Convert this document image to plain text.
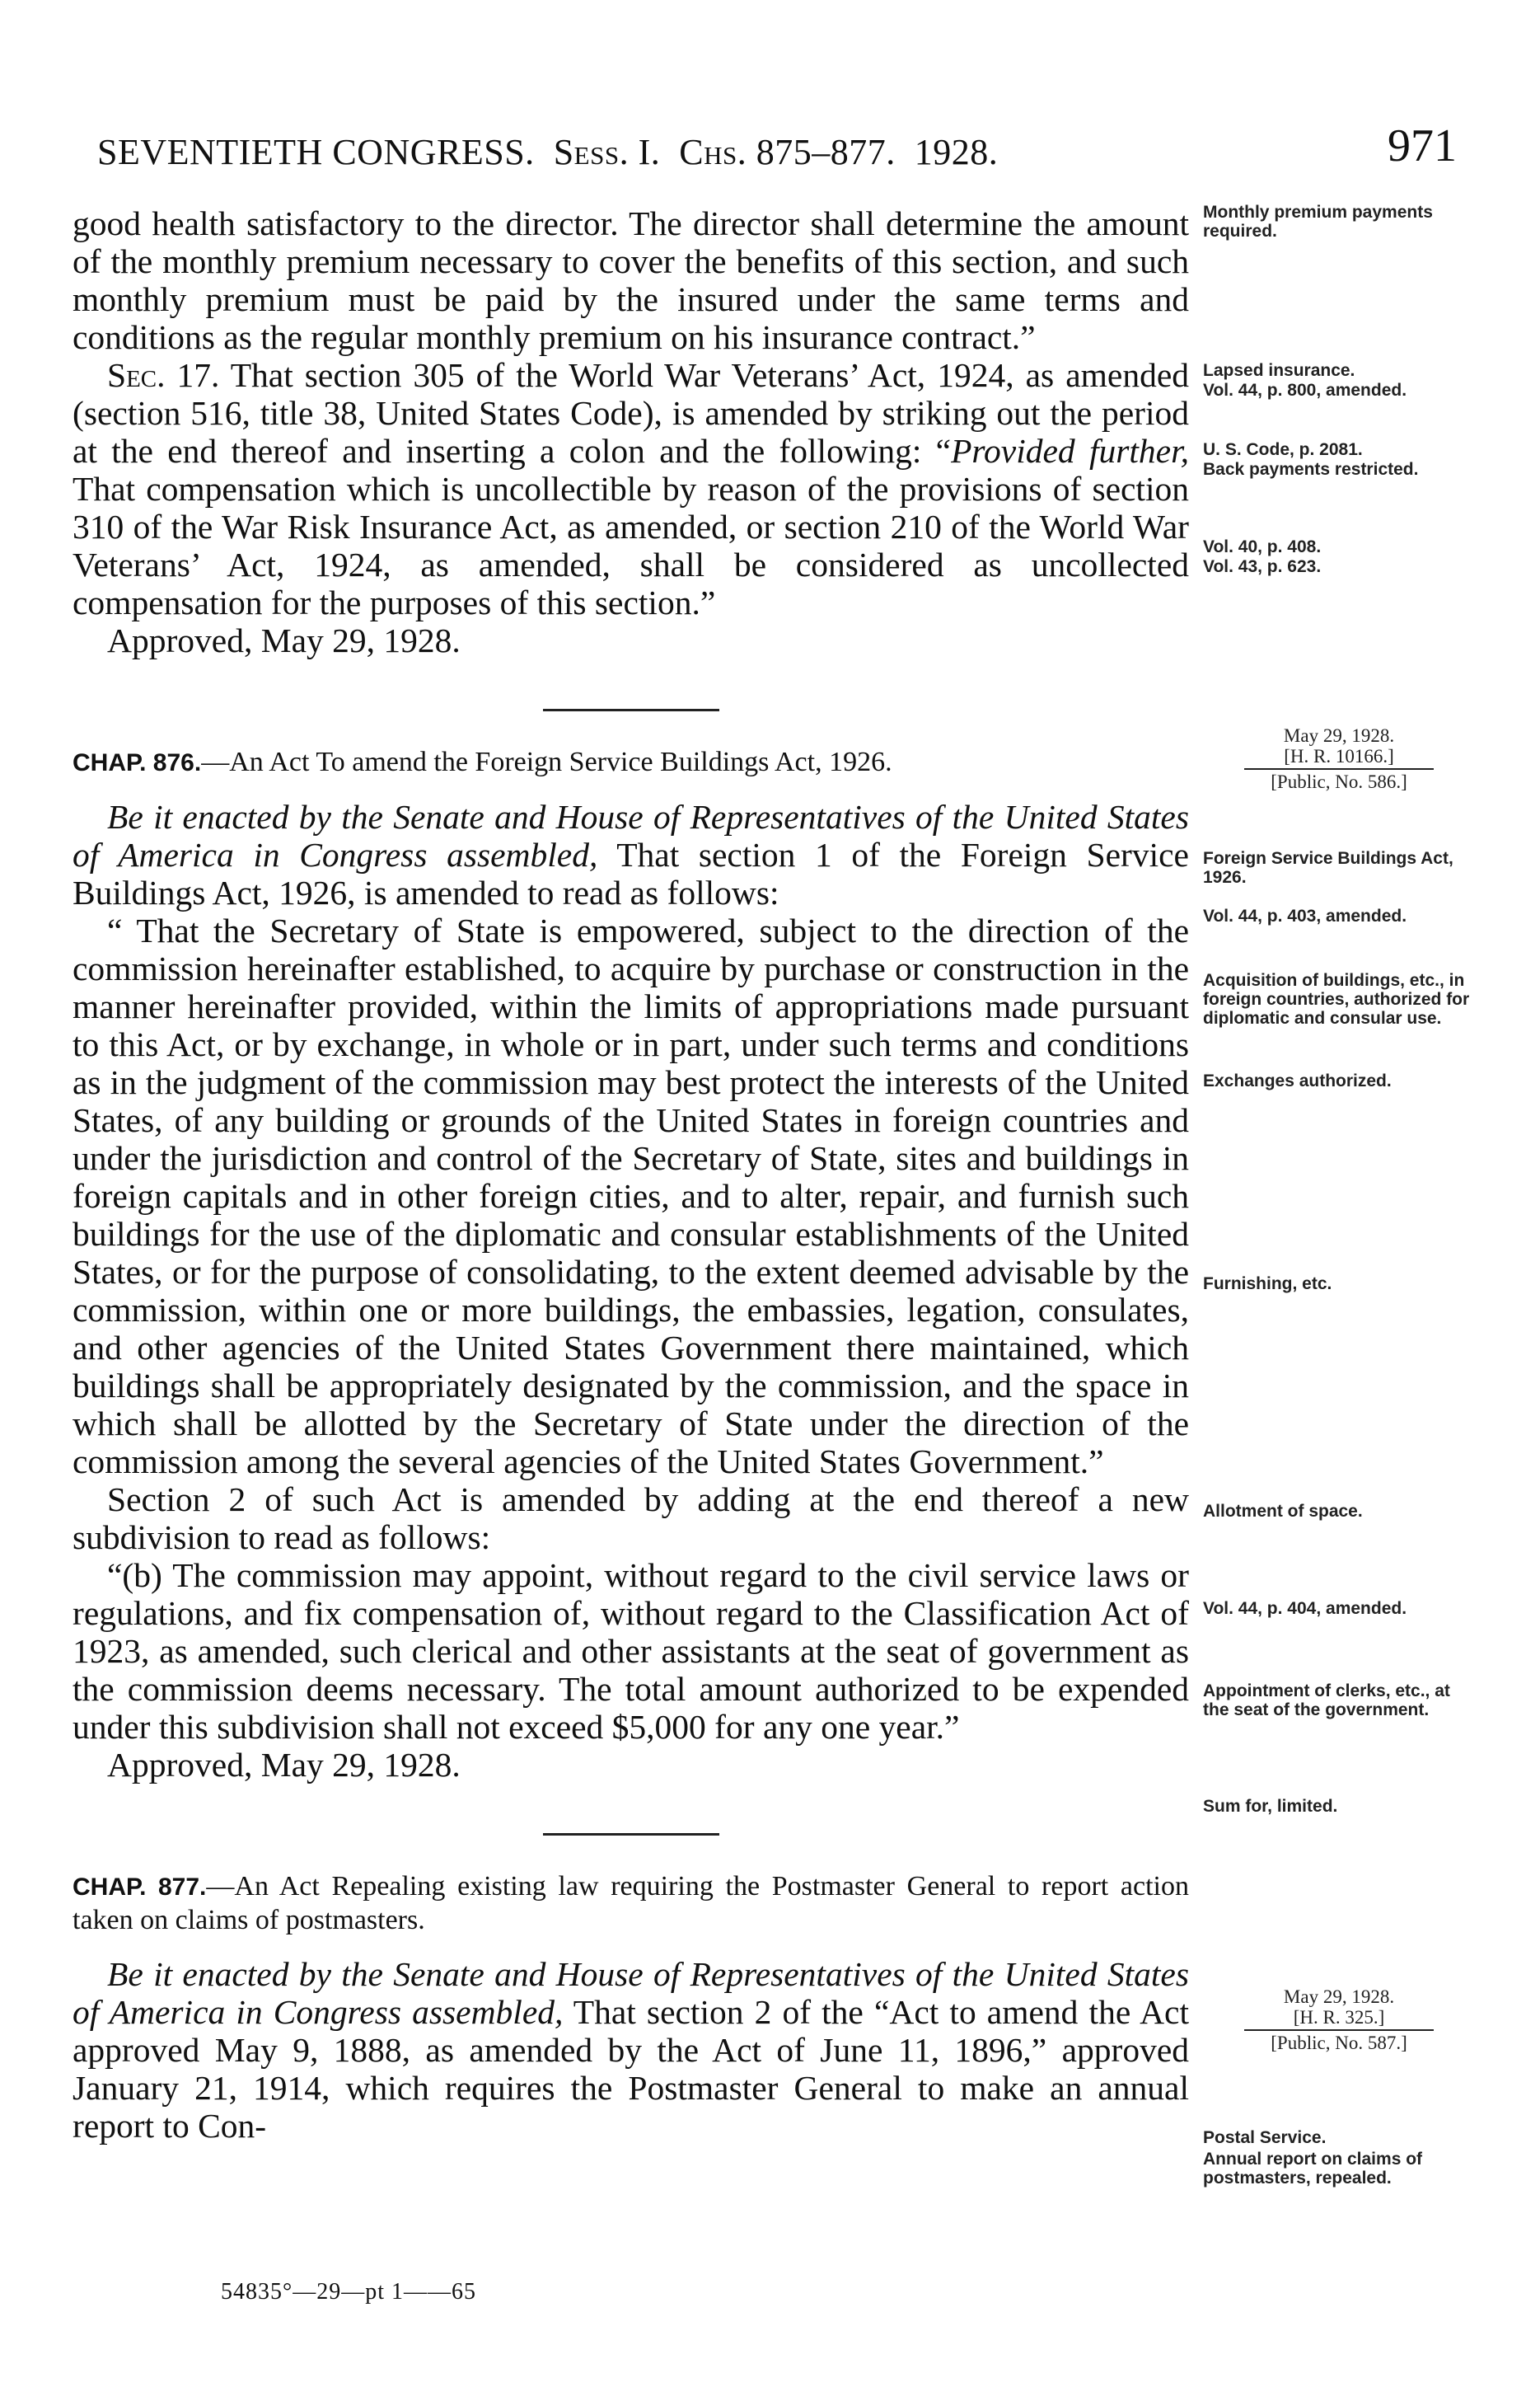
SEVENTIETH CONGRESS. Sess. I. Chs. 875–877. 1928.	971

good health satisfactory to the director. The director shall determine the amount of the monthly premium necessary to cover the benefits of this section, and such monthly premium must be paid by the insured under the same terms and conditions as the regular monthly premium on his insurance contract.”

Sec. 17. That section 305 of the World War Veterans’ Act, 1924, as amended (section 516, title 38, United States Code), is amended by striking out the period at the end thereof and inserting a colon and the following: “Provided further, That compensation which is uncollectible by reason of the provisions of section 310 of the War Risk Insurance Act, as amended, or section 210 of the World War Veterans’ Act, 1924, as amended, shall be considered as uncollected compensation for the purposes of this section.”

Approved, May 29, 1928.

CHAP. 876.—An Act To amend the Foreign Service Buildings Act, 1926.

Be it enacted by the Senate and House of Representatives of the United States of America in Congress assembled, That section 1 of the Foreign Service Buildings Act, 1926, is amended to read as follows:

“ That the Secretary of State is empowered, subject to the direction of the commission hereinafter established, to acquire by purchase or construction in the manner hereinafter provided, within the limits of appropriations made pursuant to this Act, or by exchange, in whole or in part, under such terms and conditions as in the judgment of the commission may best protect the interests of the United States, of any building or grounds of the United States in foreign countries and under the jurisdiction and control of the Secretary of State, sites and buildings in foreign capitals and in other foreign cities, and to alter, repair, and furnish such buildings for the use of the diplomatic and consular establishments of the United States, or for the purpose of consolidating, to the extent deemed advisable by the commission, within one or more buildings, the embassies, legation, consulates, and other agencies of the United States Government there maintained, which buildings shall be appropriately designated by the commission, and the space in which shall be allotted by the Secretary of State under the direction of the commission among the several agencies of the United States Government.”

Section 2 of such Act is amended by adding at the end thereof a new subdivision to read as follows:

“(b) The commission may appoint, without regard to the civil service laws or regulations, and fix compensation of, without regard to the Classification Act of 1923, as amended, such clerical and other assistants at the seat of government as the commission deems necessary. The total amount authorized to be expended under this subdivision shall not exceed $5,000 for any one year.”

Approved, May 29, 1928.

CHAP. 877.—An Act Repealing existing law requiring the Postmaster General to report action taken on claims of postmasters.

Be it enacted by the Senate and House of Representatives of the United States of America in Congress assembled, That section 2 of the “Act to amend the Act approved May 9, 1888, as amended by the Act of June 11, 1896,” approved January 21, 1914, which requires the Postmaster General to make an annual report to Con-

Monthly premium payments required.
Lapsed insurance.
Vol. 44, p. 800, amended.
U. S. Code, p. 2081.
Back payments restricted.
Vol. 40, p. 408.
Vol. 43, p. 623.
May 29, 1928.
[H. R. 10166.]
[Public, No. 586.]
Foreign Service Buildings Act, 1926.
Vol. 44, p. 403, amended.
Acquisition of buildings, etc., in foreign countries, authorized for diplomatic and consular use.
Exchanges authorized.
Furnishing, etc.
Allotment of space.
Vol. 44, p. 404, amended.
Appointment of clerks, etc., at the seat of the government.
Sum for, limited.
May 29, 1928.
[H. R. 325.]
[Public, No. 587.]
Postal Service.
Annual report on claims of postmasters, repealed.
54835°—29—pt 1——65
